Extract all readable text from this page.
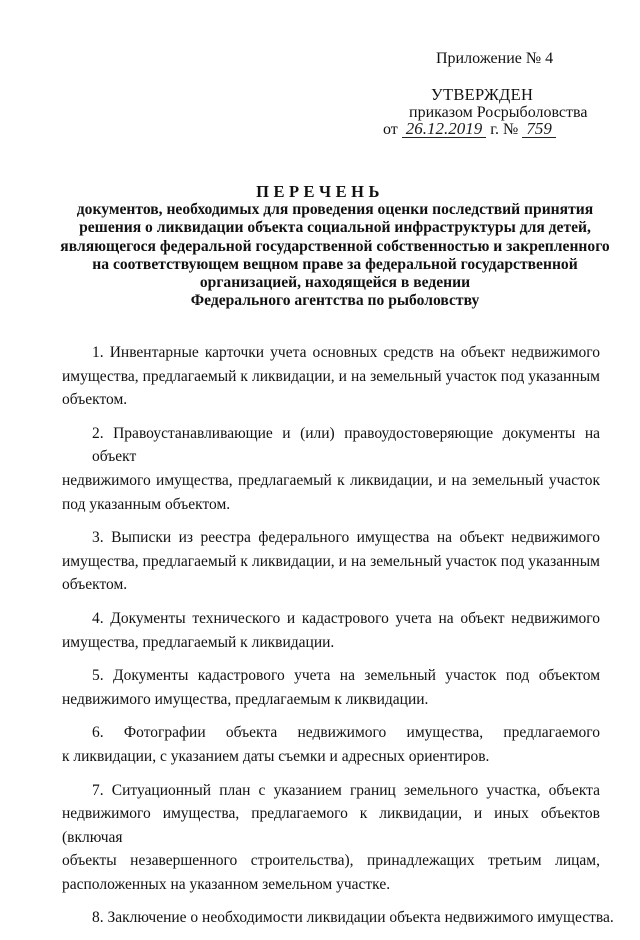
Приложение № 4
УТВЕРЖДЕН
приказом Росрыболовства
от 26.12.2019 г. № 759
ПЕРЕЧЕНЬ
документов, необходимых для проведения оценки последствий принятия
решения о ликвидации объекта социальной инфраструктуры для детей,
являющегося федеральной государственной собственностью и закрепленного
на соответствующем вещном праве за федеральной государственной
организацией, находящейся в ведении
Федерального агентства по рыболовству
1. Инвентарные карточки учета основных средств на объект недвижимого
имущества, предлагаемый к ликвидации, и на земельный участок под указанным
объектом.
2. Правоустанавливающие и (или) правоудостоверяющие документы на объект
недвижимого имущества, предлагаемый к ликвидации, и на земельный участок
под указанным объектом.
3. Выписки из реестра федерального имущества на объект недвижимого
имущества, предлагаемый к ликвидации, и на земельный участок под указанным
объектом.
4. Документы технического и кадастрового учета на объект недвижимого
имущества, предлагаемый к ликвидации.
5. Документы кадастрового учета на земельный участок под объектом
недвижимого имущества, предлагаемым к ликвидации.
6. Фотографии объекта недвижимого имущества, предлагаемого
к ликвидации, с указанием даты съемки и адресных ориентиров.
7. Ситуационный план с указанием границ земельного участка, объекта
недвижимого имущества, предлагаемого к ликвидации, и иных объектов (включая
объекты незавершенного строительства), принадлежащих третьим лицам,
расположенных на указанном земельном участке.
8. Заключение о необходимости ликвидации объекта недвижимого имущества.
